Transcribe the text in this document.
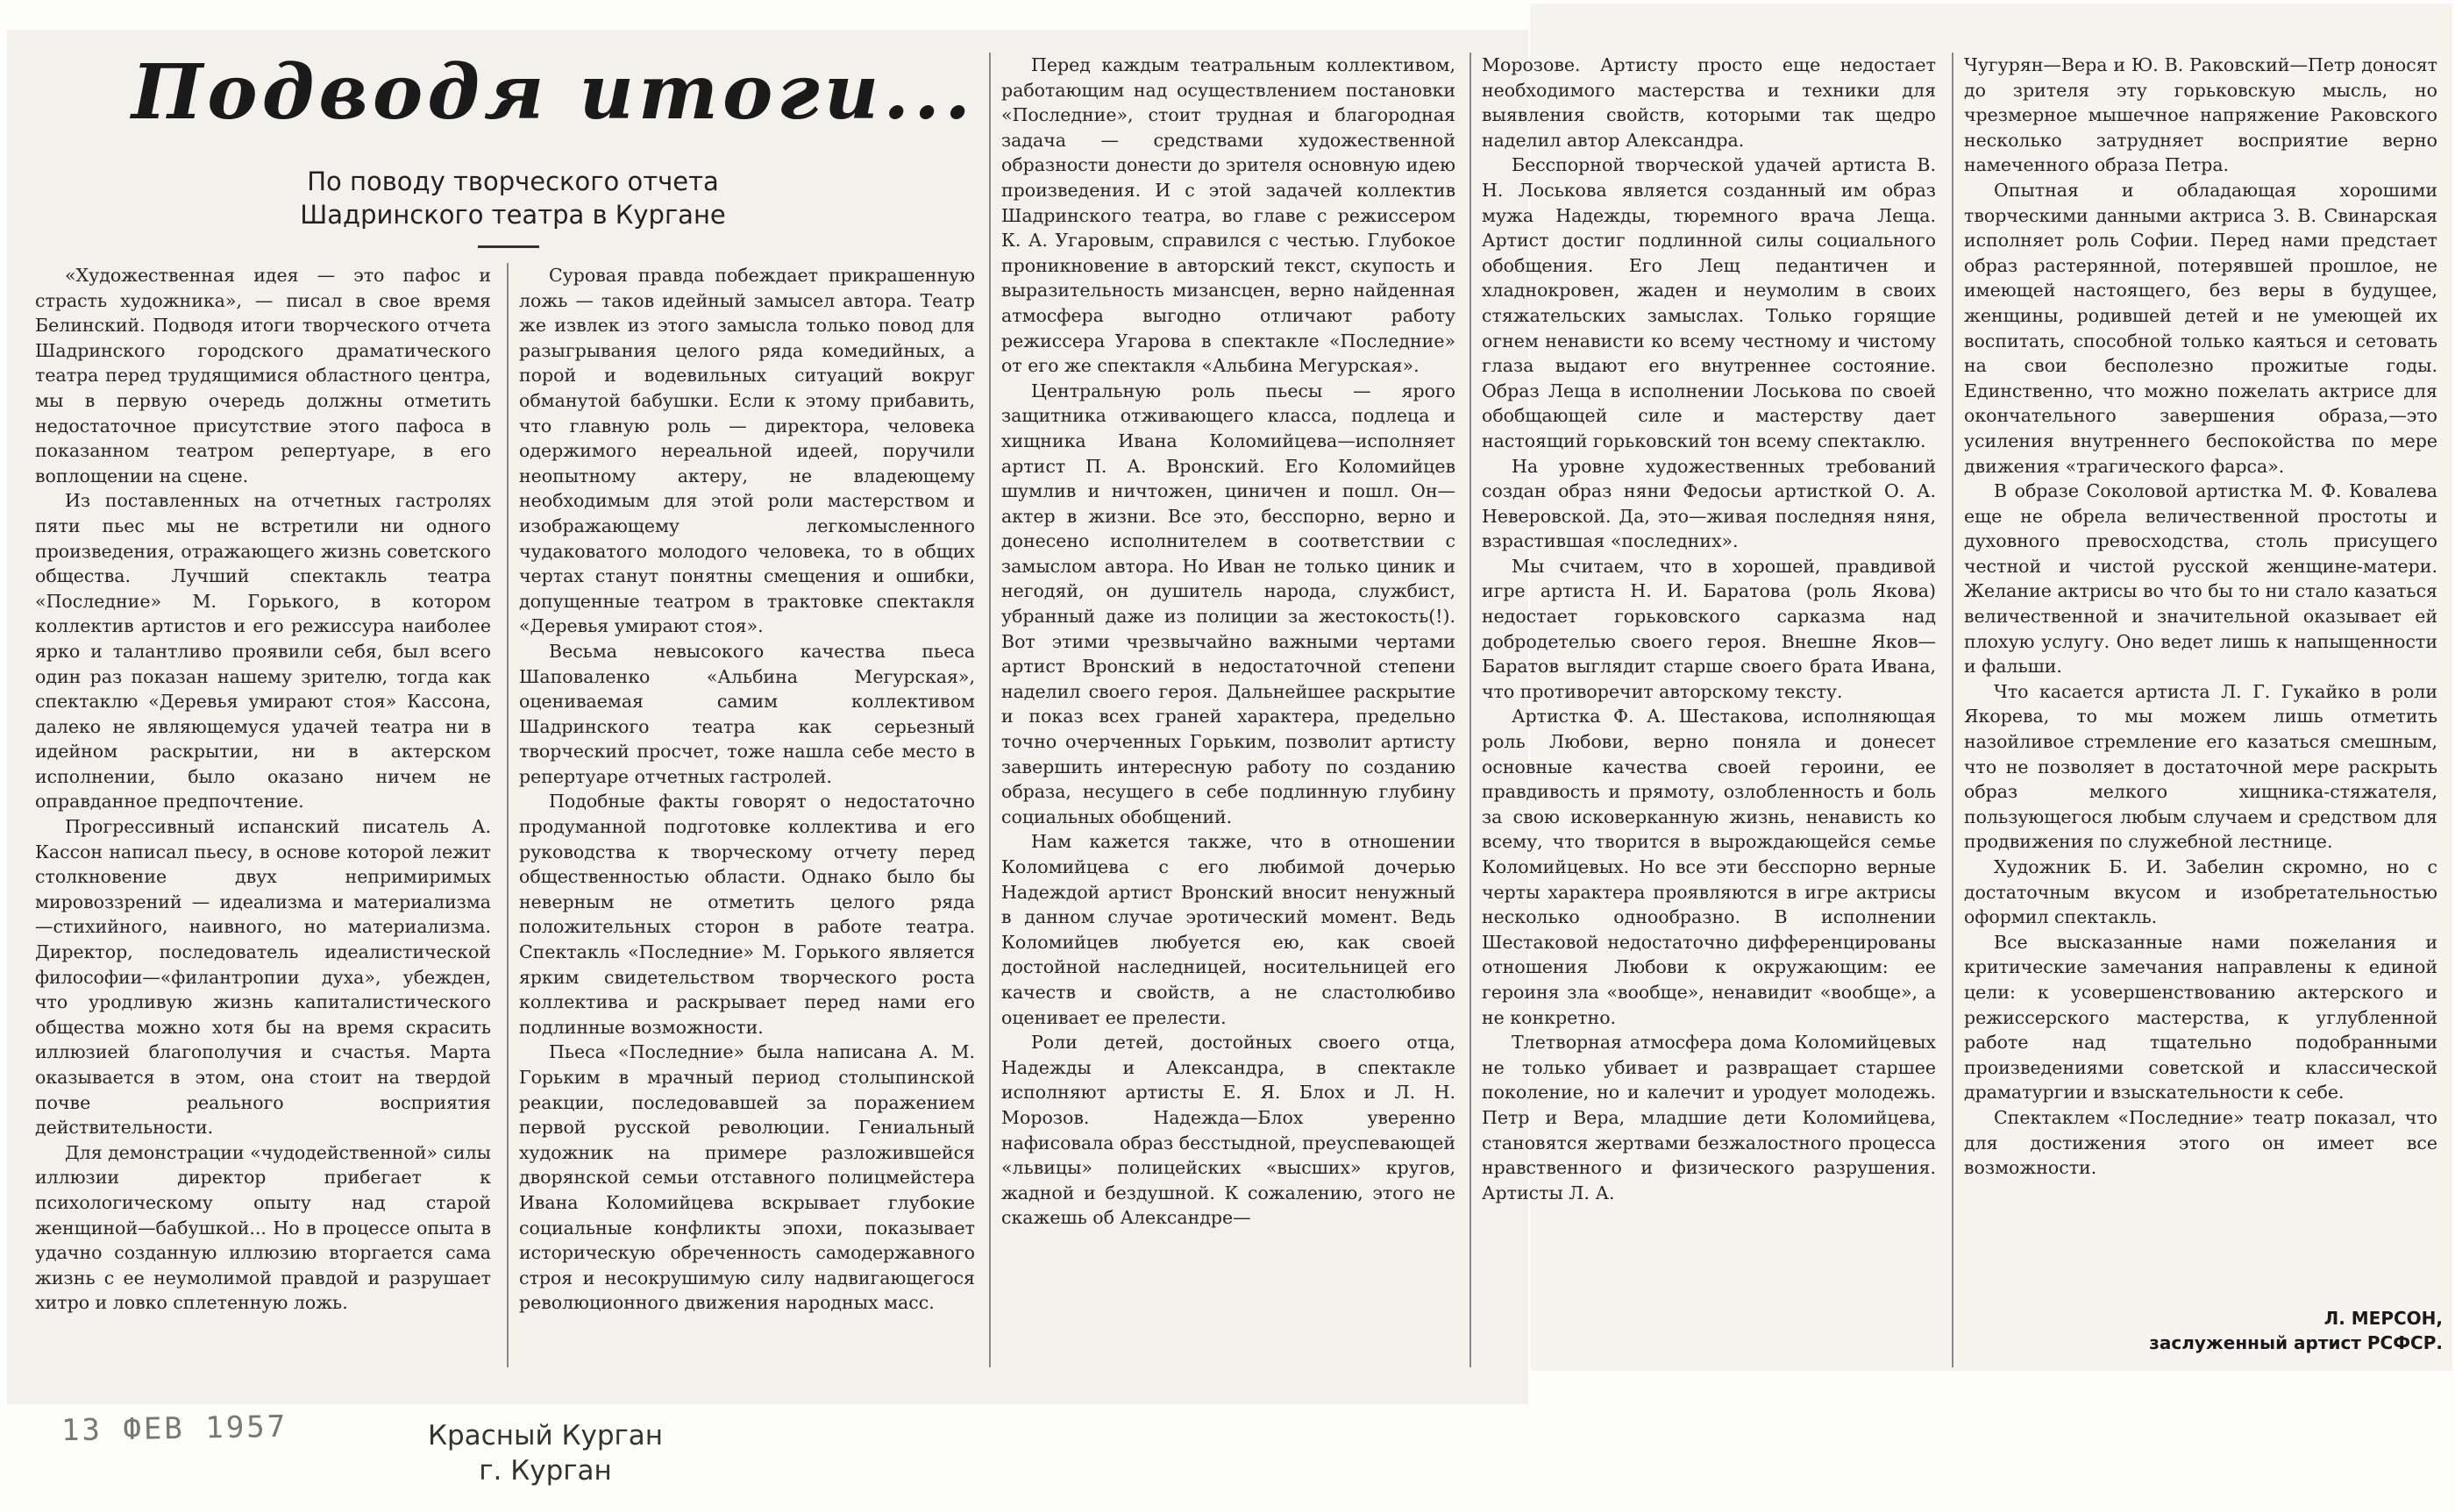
Подводя итоги...
По поводу творческого отчета Шадринского театра в Кургане

«Художественная идея — это пафос и страсть художника», — писал в свое время Белинский. Подводя итоги творческого отчета Шадринского городского драматического театра перед трудящимися областного центра, мы в первую очередь должны отметить недостаточное присутствие этого пафоса в показанном театром репертуаре, в его воплощении на сцене.

Из поставленных на отчетных гастролях пяти пьес мы не встретили ни одного произведения, отражающего жизнь советского общества. Лучший спектакль театра «Последние» М. Горького, в котором коллектив артистов и его режиссура наиболее ярко и талантливо проявили себя, был всего один раз показан нашему зрителю, тогда как спектаклю «Деревья умирают стоя» Кассона, далеко не являющемуся удачей театра ни в идейном раскрытии, ни в актерском исполнении, было оказано ничем не оправданное предпочтение.

Прогрессивный испанский писатель А. Кассон написал пьесу, в основе которой лежит столкновение двух непримиримых мировоззрений — идеализма и материализма—стихийного, наивного, но материализма. Директор, последователь идеалистической философии—«филантропии духа», убежден, что уродливую жизнь капиталистического общества можно хотя бы на время скрасить иллюзией благополучия и счастья. Марта оказывается в этом, она стоит на твердой почве реального восприятия действительности.

Для демонстрации «чудодейственной» силы иллюзии директор прибегает к психологическому опыту над старой женщиной—бабушкой... Но в процессе опыта в удачно созданную иллюзию вторгается сама жизнь с ее неумолимой правдой и разрушает хитро и ловко сплетенную ложь.

Суровая правда побеждает прикрашенную ложь — таков идейный замысел автора. Театр же извлек из этого замысла только повод для разыгрывания целого ряда комедийных, а порой и водевильных ситуаций вокруг обманутой бабушки. Если к этому прибавить, что главную роль — директора, человека одержимого нереальной идеей, поручили неопытному актеру, не владеющему необходимым для этой роли мастерством и изображающему легкомысленного чудаковатого молодого человека, то в общих чертах станут понятны смещения и ошибки, допущенные театром в трактовке спектакля «Деревья умирают стоя».

Весьма невысокого качества пьеса Шаповаленко «Альбина Мегурская», оцениваемая самим коллективом Шадринского театра как серьезный творческий просчет, тоже нашла себе место в репертуаре отчетных гастролей.

Подобные факты говорят о недостаточно продуманной подготовке коллектива и его руководства к творческому отчету перед общественностью области. Однако было бы неверным не отметить целого ряда положительных сторон в работе театра. Спектакль «Последние» М. Горького является ярким свидетельством творческого роста коллектива и раскрывает перед нами его подлинные возможности.

Пьеса «Последние» была написана А. М. Горьким в мрачный период столыпинской реакции, последовавшей за поражением первой русской революции. Гениальный художник на примере разложившейся дворянской семьи отставного полицмейстера Ивана Коломийцева вскрывает глубокие социальные конфликты эпохи, показывает историческую обреченность самодержавного строя и несокрушимую силу надвигающегося революционного движения народных масс.

Перед каждым театральным коллективом, работающим над осуществлением постановки «Последние», стоит трудная и благородная задача — средствами художественной образности донести до зрителя основную идею произведения. И с этой задачей коллектив Шадринского театра, во главе с режиссером К. А. Угаровым, справился с честью. Глубокое проникновение в авторский текст, скупость и выразительность мизансцен, верно найденная атмосфера выгодно отличают работу режиссера Угарова в спектакле «Последние» от его же спектакля «Альбина Мегурская».

Центральную роль пьесы — ярого защитника отживающего класса, подлеца и хищника Ивана Коломийцева—исполняет артист П. А. Вронский. Его Коломийцев шумлив и ничтожен, циничен и пошл. Он—актер в жизни. Все это, бесспорно, верно и донесено исполнителем в соответствии с замыслом автора. Но Иван не только циник и негодяй, он душитель народа, службист, убранный даже из полиции за жестокость(!). Вот этими чрезвычайно важными чертами артист Вронский в недостаточной степени наделил своего героя. Дальнейшее раскрытие и показ всех граней характера, предельно точно очерченных Горьким, позволит артисту завершить интересную работу по созданию образа, несущего в себе подлинную глубину социальных обобщений.

Нам кажется также, что в отношении Коломийцева с его любимой дочерью Надеждой артист Вронский вносит ненужный в данном случае эротический момент. Ведь Коломийцев любуется ею, как своей достойной наследницей, носительницей его качеств и свойств, а не сластолюбиво оценивает ее прелести.

Роли детей, достойных своего отца, Надежды и Александра, в спектакле исполняют артисты Е. Я. Блох и Л. Н. Морозов. Надежда—Блох уверенно нафисовала образ бесстыдной, преуспевающей «львицы» полицейских «высших» кругов, жадной и бездушной. К сожалению, этого не скажешь об Александре—

Морозове. Артисту просто еще недостает необходимого мастерства и техники для выявления свойств, которыми так щедро наделил автор Александра.

Бесспорной творческой удачей артиста В. Н. Лоськова является созданный им образ мужа Надежды, тюремного врача Леща. Артист достиг подлинной силы социального обобщения. Его Лещ педантичен и хладнокровен, жаден и неумолим в своих стяжательских замыслах. Только горящие огнем ненависти ко всему честному и чистому глаза выдают его внутреннее состояние. Образ Леща в исполнении Лоськова по своей обобщающей силе и мастерству дает настоящий горьковский тон всему спектаклю.

На уровне художественных требований создан образ няни Федосьи артисткой О. А. Неверовской. Да, это—живая последняя няня, взрастившая «последних».

Мы считаем, что в хорошей, правдивой игре артиста Н. И. Баратова (роль Якова) недостает горьковского сарказма над добродетелью своего героя. Внешне Яков—Баратов выглядит старше своего брата Ивана, что противоречит авторскому тексту.

Артистка Ф. А. Шестакова, исполняющая роль Любови, верно поняла и донесет основные качества своей героини, ее правдивость и прямоту, озлобленность и боль за свою исковерканную жизнь, ненависть ко всему, что творится в вырождающейся семье Коломийцевых. Но все эти бесспорно верные черты характера проявляются в игре актрисы несколько однообразно. В исполнении Шестаковой недостаточно дифференцированы отношения Любови к окружающим: ее героиня зла «вообще», ненавидит «вообще», а не конкретно.

Тлетворная атмосфера дома Коломийцевых не только убивает и развращает старшее поколение, но и калечит и уродует молодежь. Петр и Вера, младшие дети Коломийцева, становятся жертвами безжалостного процесса нравственного и физического разрушения. Артисты Л. А.

Чугурян—Вера и Ю. В. Раковский—Петр доносят до зрителя эту горьковскую мысль, но чрезмерное мышечное напряжение Раковского несколько затрудняет восприятие верно намеченного образа Петра.

Опытная и обладающая хорошими творческими данными актриса З. В. Свинарская исполняет роль Софии. Перед нами предстает образ растерянной, потерявшей прошлое, не имеющей настоящего, без веры в будущее, женщины, родившей детей и не умеющей их воспитать, способной только каяться и сетовать на свои бесполезно прожитые годы. Единственно, что можно пожелать актрисе для окончательного завершения образа,—это усиления внутреннего беспокойства по мере движения «трагического фарса».

В образе Соколовой артистка М. Ф. Ковалева еще не обрела величественной простоты и духовного превосходства, столь присущего честной и чистой русской женщине-матери. Желание актрисы во что бы то ни стало казаться величественной и значительной оказывает ей плохую услугу. Оно ведет лишь к напыщенности и фальши.

Что касается артиста Л. Г. Гукайко в роли Якорева, то мы можем лишь отметить назойливое стремление его казаться смешным, что не позволяет в достаточной мере раскрыть образ мелкого хищника-стяжателя, пользующегося любым случаем и средством для продвижения по служебной лестнице.

Художник Б. И. Забелин скромно, но с достаточным вкусом и изобретательностью оформил спектакль.

Все высказанные нами пожелания и критические замечания направлены к единой цели: к усовершенствованию актерского и режиссерского мастерства, к углубленной работе над тщательно подобранными произведениями советской и классической драматургии и взыскательности к себе.

Спектаклем «Последние» театр показал, что для достижения этого он имеет все возможности.

Л. МЕРСОН,
заслуженный артист РСФСР.
13 ФЕВ 1957	Красный Курган
г. Курган
